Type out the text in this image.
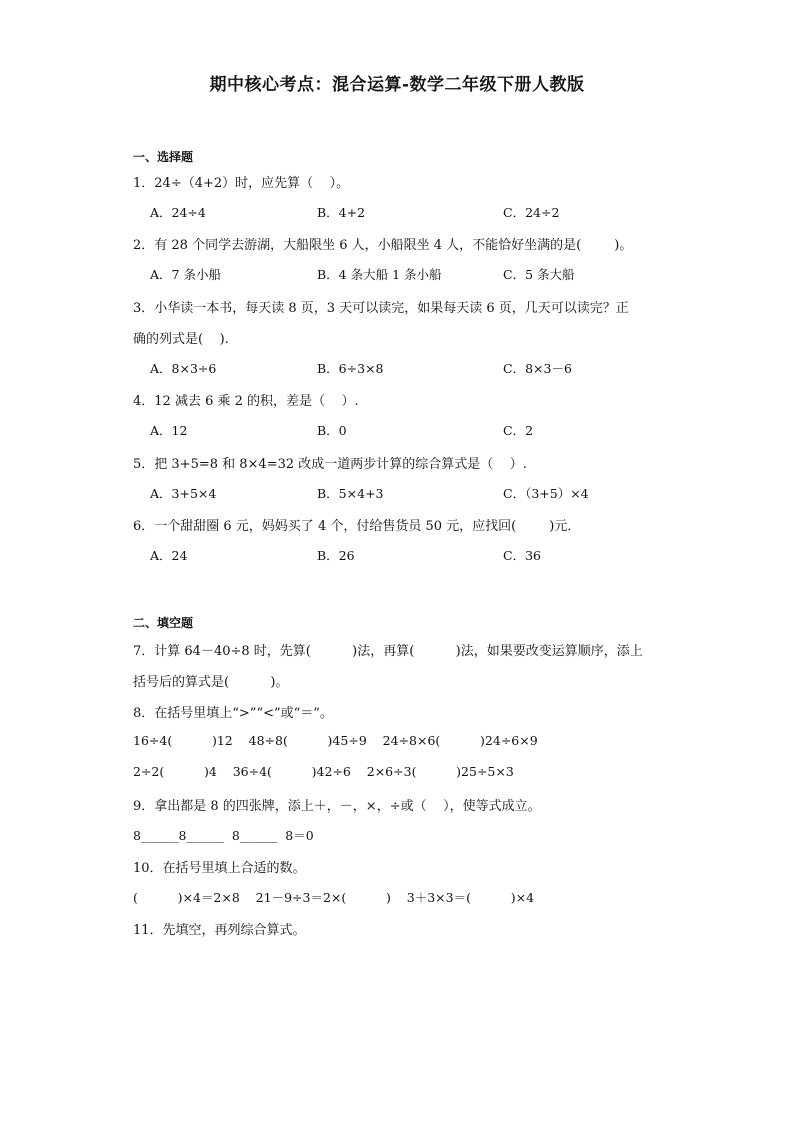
期中核心考点：混合运算-数学二年级下册人教版
一、选择题
1．24÷（4+2）时，应先算（    ）。
A．24÷4	B．4+2	C．24÷2
2．有 28 个同学去游湖，大船限坐 6 人，小船限坐 4 人，不能恰好坐满的是(        )。
A．7 条小船	B．4 条大船 1 条小船	C．5 条大船
3．小华读一本书，每天读 8 页，3 天可以读完，如果每天读 6 页，几天可以读完？正
确的列式是(    ).
A．8×3÷6	B．6÷3×8	C．8×3－6
4．12 减去 6 乘 2 的积，差是（    ）.
A．12	B．0	C．2
5．把 3+5=8 和 8×4=32 改成一道两步计算的综合算式是（    ）.
A．3+5×4	B．5×4+3	C．（3+5）×4
6．一个甜甜圈 6 元，妈妈买了 4 个，付给售货员 50 元，应找回(        )元．
A．24	B．26	C．36
二、填空题
7．计算 64－40÷8 时，先算(          )法，再算(          )法，如果要改变运算顺序，添上
括号后的算式是(          )。
8．在括号里填上“>”“<”或“＝”。
16÷4(          )12    48÷8(          )45÷9    24÷8×6(          )24÷6×9
2÷2(          )4    36÷4(          )42÷6    2×6÷3(          )25÷5×3
9．拿出都是 8 的四张牌，添上＋，－，×，÷或（    ），使等式成立。
8______8______  8______  8＝0
10．在括号里填上合适的数。
(          )×4＝2×8    21－9÷3＝2×(          )    3＋3×3＝(          )×4
11．先填空，再列综合算式。
